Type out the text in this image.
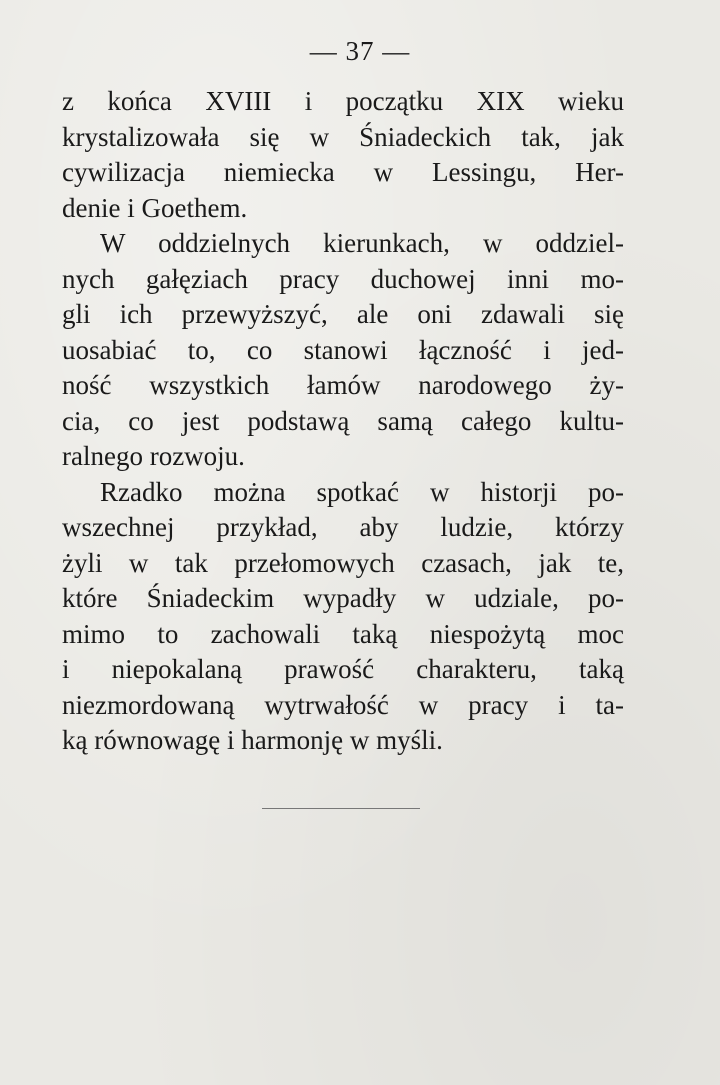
— 37 —
z końca XVIII i początku XIX wieku
krystalizowała się w Śniadeckich tak, jak
cywilizacja niemiecka w Lessingu, Her-
denie i Goethem.
W oddzielnych kierunkach, w oddziel-
nych gałęziach pracy duchowej inni mo-
gli ich przewyższyć, ale oni zdawali się
uosabiać to, co stanowi łączność i jed-
ność wszystkich łamów narodowego ży-
cia, co jest podstawą samą całego kultu-
ralnego rozwoju.
Rzadko można spotkać w historji po-
wszechnej przykład, aby ludzie, którzy
żyli w tak przełomowych czasach, jak te,
które Śniadeckim wypadły w udziale, po-
mimo to zachowali taką niespożytą moc
i niepokalaną prawość charakteru, taką
niezmordowaną wytrwałość w pracy i ta-
ką równowagę i harmonję w myśli.
